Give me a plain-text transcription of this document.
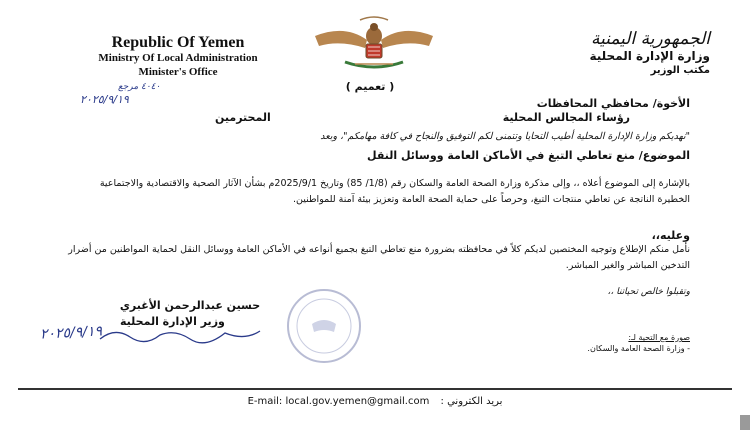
Republic Of Yemen
Ministry Of Local Administration
Minister's Office
الجمهورية اليمنية
وزارة الإدارة المحلية
مكتب الوزير
( تعميم )
٤٠٤٠ مرجع
٢٠٢٥/٩/١٩	الأخوة/ محافظي المحافظات
رؤساء المجالس المحلية
المحترمين
"نهديكم وزارة الإدارة المحلية أطيب التحايا وتتمنى لكم التوفيق والنجاح في كافة مهامكم"، وبعد
الموضوع/ منع تعاطي التبغ في الأماكن العامة ووسائل النقل
بالإشارة إلى الموضوع أعلاه ،، وإلى مذكرة وزارة الصحة العامة والسكان رقم (1/8/ 85) وتاريخ 2025/9/1م بشأن الآثار الصحية والاقتصادية والاجتماعية الخطيرة الناتجة عن تعاطي منتجات التبغ، وحرصاً على حماية الصحة العامة وتعزيز بيئة آمنة للمواطنين.
وعليه،،
نأمل منكم الإطلاع وتوجيه المختصين لديكم كلاً في محافظته بضرورة منع تعاطي التبغ بجميع أنواعه في الأماكن العامة ووسائل النقل لحماية المواطنين من أضرار التدخين المباشر والغير المباشر.
وتقبلوا خالص تحياتنا ،،
حسين عبدالرحمن الأغبري
وزير الإدارة المحلية
٢٠٢٥/٩/١٩	صورة مع التحية لـ:
- وزارة الصحة العامة والسكان.
E-mail: local.gov.yemen@gmail.com : بريد الكتروني
